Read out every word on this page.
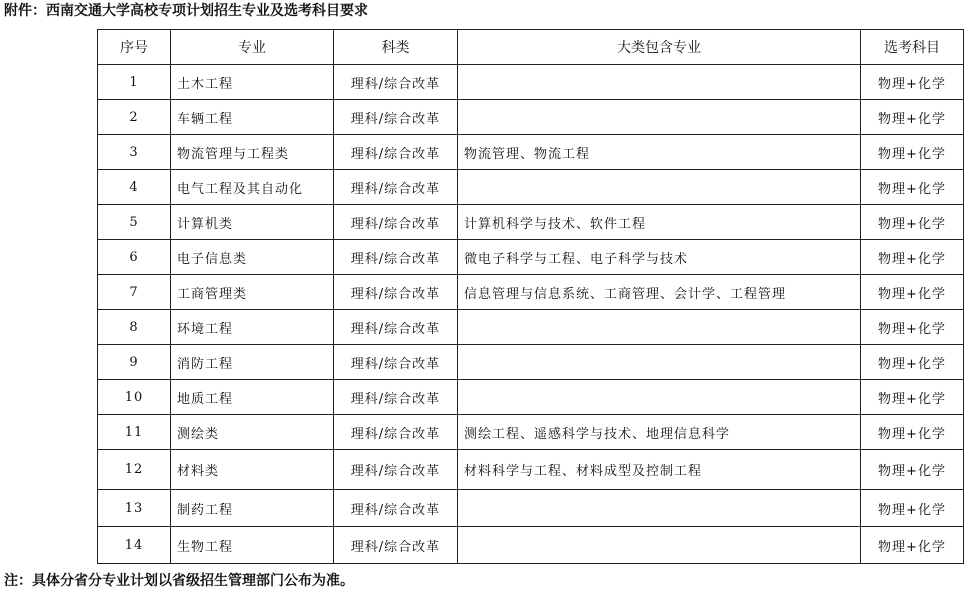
附件：西南交通大学高校专项计划招生专业及选考科目要求
序号	专业	科类	大类包含专业	选考科目
1	土木工程	理科/综合改革		物理+化学
2	车辆工程	理科/综合改革		物理+化学
3	物流管理与工程类	理科/综合改革	物流管理、物流工程	物理+化学
4	电气工程及其自动化	理科/综合改革		物理+化学
5	计算机类	理科/综合改革	计算机科学与技术、软件工程	物理+化学
6	电子信息类	理科/综合改革	微电子科学与工程、电子科学与技术	物理+化学
7	工商管理类	理科/综合改革	信息管理与信息系统、工商管理、会计学、工程管理	物理+化学
8	环境工程	理科/综合改革		物理+化学
9	消防工程	理科/综合改革		物理+化学
10	地质工程	理科/综合改革		物理+化学
11	测绘类	理科/综合改革	测绘工程、遥感科学与技术、地理信息科学	物理+化学
12	材料类	理科/综合改革	材料科学与工程、材料成型及控制工程	物理+化学
13	制药工程	理科/综合改革		物理+化学
14	生物工程	理科/综合改革		物理+化学
注：具体分省分专业计划以省级招生管理部门公布为准。
